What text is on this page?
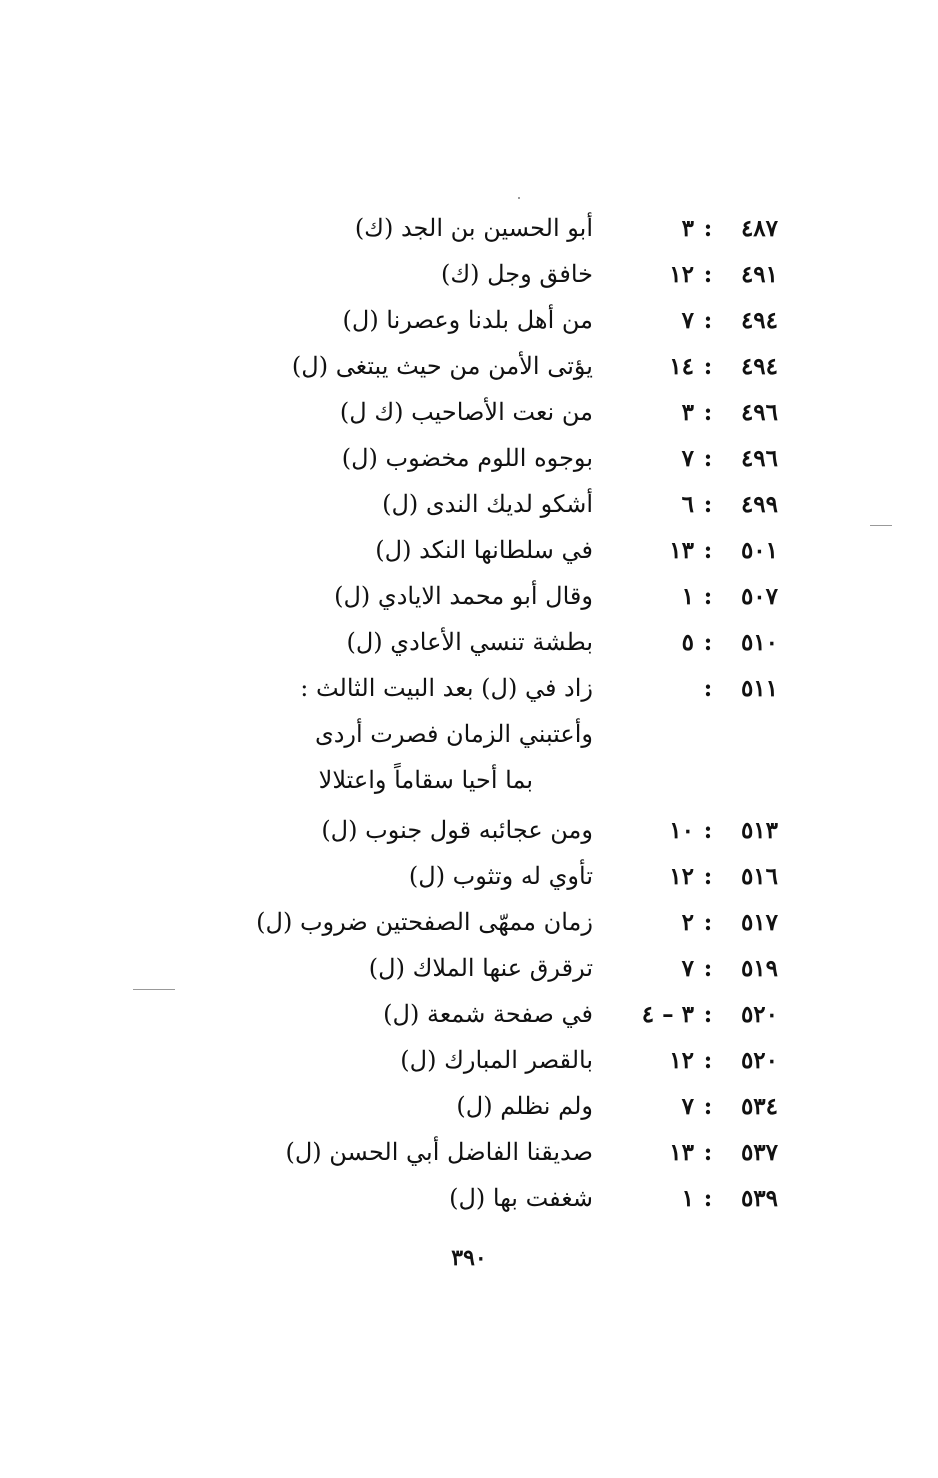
٤٨٧
:
٣
أبو الحسين بن الجد (ك)
٤٩١
:
١٢
خافق وجل (ك)
٤٩٤
:
٧
من أهل بلدنا وعصرنا (ل)
٤٩٤
:
١٤
يؤتى الأمن من حيث يبتغى (ل)
٤٩٦
:
٣
من نعت الأصاحيب (ك ل)
٤٩٦
:
٧
بوجوه اللوم مخضوب (ل)
٤٩٩
:
٦
أشكو لديك الندى (ل)
٥٠١
:
١٣
في سلطانها النكد (ل)
٥٠٧
:
١
وقال أبو محمد الايادي (ل)
٥١٠
:
٥
بطشة تنسي الأعادي (ل)
٥١١
:
زاد في (ل) بعد البيت الثالث :
وأعتبني الزمان فصرت أردى
بما أحيا سقاماً واعتلالا
٥١٣
:
١٠
ومن عجائبه قول جنوب (ل)
٥١٦
:
١٢
تأوي له وتثوب (ل)
٥١٧
:
٢
زمان ممهّى الصفحتين ضروب (ل)
٥١٩
:
٧
ترقرق عنها الملاك (ل)
٥٢٠
:
٣ – ٤
في صفحة شمعة (ل)
٥٢٠
:
١٢
بالقصر المبارك (ل)
٥٣٤
:
٧
ولم نظلم (ل)
٥٣٧
:
١٣
صديقنا الفاضل أبي الحسن (ل)
٥٣٩
:
١
شغفت بها (ل)
٣٩٠
